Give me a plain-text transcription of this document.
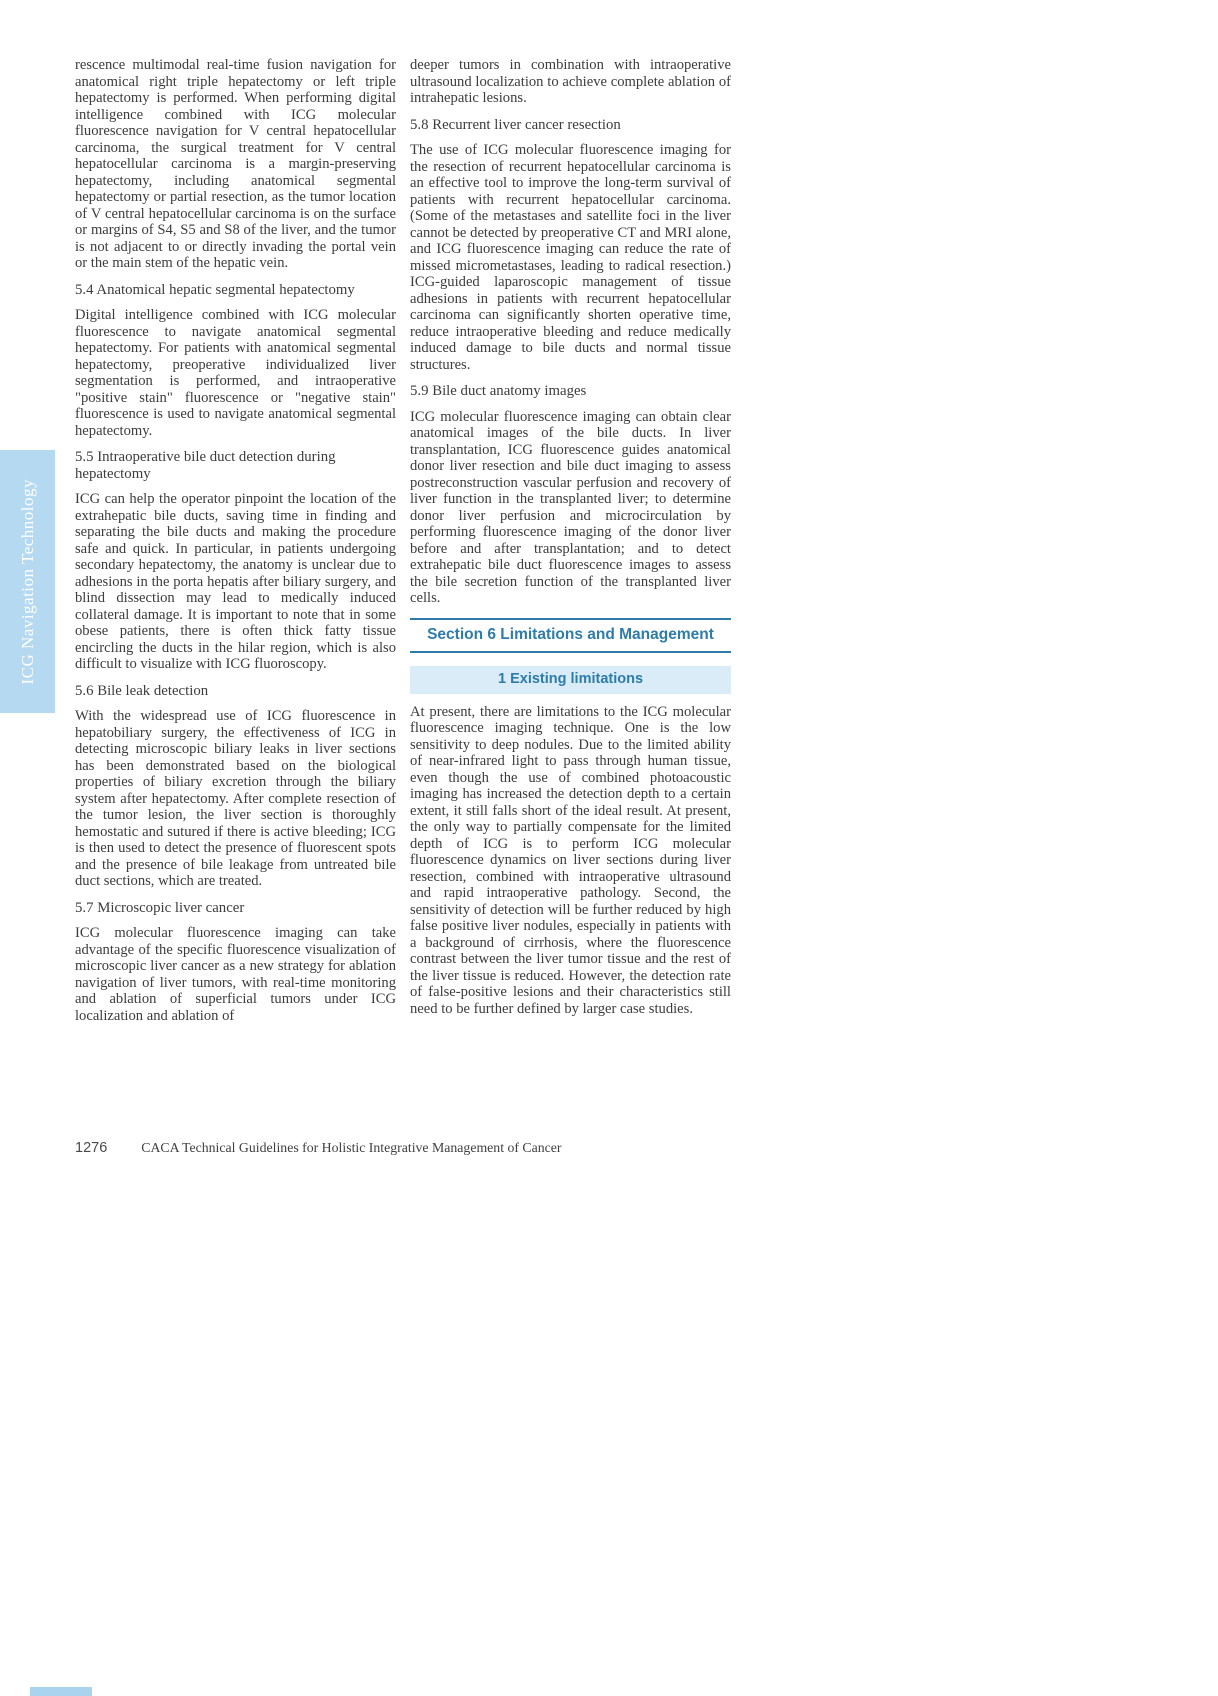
ICG Navigation Technology

rescence multimodal real-time fusion navigation for anatomical right triple hepatectomy or left triple hepatectomy is performed. When performing digital intelligence combined with ICG molecular fluorescence navigation for V central hepatocellular carcinoma, the surgical treatment for V central hepatocellular carcinoma is a margin-preserving hepatectomy, including anatomical segmental hepatectomy or partial resection, as the tumor location of V central hepatocellular carcinoma is on the surface or margins of S4, S5 and S8 of the liver, and the tumor is not adjacent to or directly invading the portal vein or the main stem of the hepatic vein.

5.4 Anatomical hepatic segmental hepatectomy

Digital intelligence combined with ICG molecular fluorescence to navigate anatomical segmental hepatectomy. For patients with anatomical segmental hepatectomy, preoperative individualized liver segmentation is performed, and intraoperative "positive stain" fluorescence or "negative stain" fluorescence is used to navigate anatomical segmental hepatectomy.

5.5 Intraoperative bile duct detection during hepatectomy

ICG can help the operator pinpoint the location of the extrahepatic bile ducts, saving time in finding and separating the bile ducts and making the procedure safe and quick. In particular, in patients undergoing secondary hepatectomy, the anatomy is unclear due to adhesions in the porta hepatis after biliary surgery, and blind dissection may lead to medically induced collateral damage. It is important to note that in some obese patients, there is often thick fatty tissue encircling the ducts in the hilar region, which is also difficult to visualize with ICG fluoroscopy.

5.6 Bile leak detection

With the widespread use of ICG fluorescence in hepatobiliary surgery, the effectiveness of ICG in detecting microscopic biliary leaks in liver sections has been demonstrated based on the biological properties of biliary excretion through the biliary system after hepatectomy. After complete resection of the tumor lesion, the liver section is thoroughly hemostatic and sutured if there is active bleeding; ICG is then used to detect the presence of fluorescent spots and the presence of bile leakage from untreated bile duct sections, which are treated.

5.7 Microscopic liver cancer

ICG molecular fluorescence imaging can take advantage of the specific fluorescence visualization of microscopic liver cancer as a new strategy for ablation navigation of liver tumors, with real-time monitoring and ablation of superficial tumors under ICG localization and ablation of

deeper tumors in combination with intraoperative ultrasound localization to achieve complete ablation of intrahepatic lesions.

5.8 Recurrent liver cancer resection

The use of ICG molecular fluorescence imaging for the resection of recurrent hepatocellular carcinoma is an effective tool to improve the long-term survival of patients with recurrent hepatocellular carcinoma. (Some of the metastases and satellite foci in the liver cannot be detected by preoperative CT and MRI alone, and ICG fluorescence imaging can reduce the rate of missed micrometastases, leading to radical resection.) ICG-guided laparoscopic management of tissue adhesions in patients with recurrent hepatocellular carcinoma can significantly shorten operative time, reduce intraoperative bleeding and reduce medically induced damage to bile ducts and normal tissue structures.

5.9 Bile duct anatomy images

ICG molecular fluorescence imaging can obtain clear anatomical images of the bile ducts. In liver transplantation, ICG fluorescence guides anatomical donor liver resection and bile duct imaging to assess postreconstruction vascular perfusion and recovery of liver function in the transplanted liver; to determine donor liver perfusion and microcirculation by performing fluorescence imaging of the donor liver before and after transplantation; and to detect extrahepatic bile duct fluorescence images to assess the bile secretion function of the transplanted liver cells.

Section 6 Limitations and Management
1 Existing limitations

At present, there are limitations to the ICG molecular fluorescence imaging technique. One is the low sensitivity to deep nodules. Due to the limited ability of near-infrared light to pass through human tissue, even though the use of combined photoacoustic imaging has increased the detection depth to a certain extent, it still falls short of the ideal result. At present, the only way to partially compensate for the limited depth of ICG is to perform ICG molecular fluorescence dynamics on liver sections during liver resection, combined with intraoperative ultrasound and rapid intraoperative pathology. Second, the sensitivity of detection will be further reduced by high false positive liver nodules, especially in patients with a background of cirrhosis, where the fluorescence contrast between the liver tumor tissue and the rest of the liver tissue is reduced. However, the detection rate of false-positive lesions and their characteristics still need to be further defined by larger case studies.

1276 CACA Technical Guidelines for Holistic Integrative Management of Cancer
